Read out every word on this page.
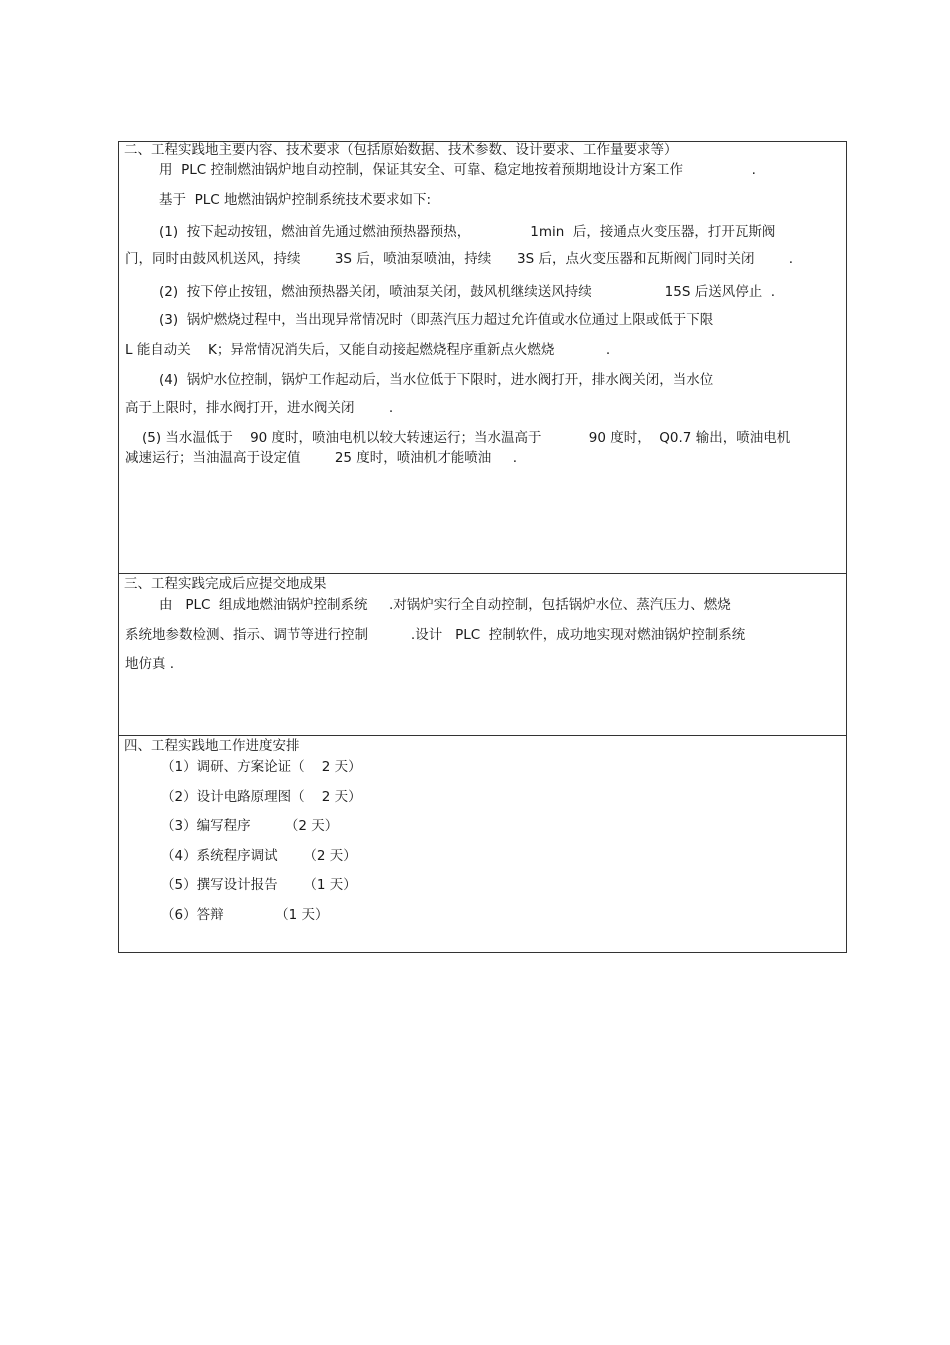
二、工程实践地主要内容、技术要求（包括原始数据、技术参数、设计要求、工作量要求等）

用  PLC 控制燃油锅炉地自动控制，保证其安全、可靠、稳定地按着预期地设计方案工作                .

基于  PLC 地燃油锅炉控制系统技术要求如下:

(1)  按下起动按钮，燃油首先通过燃油预热器预热，              1min  后，接通点火变压器，打开瓦斯阀

门，同时由鼓风机送风，持续        3S 后，喷油泵喷油，持续      3S 后，点火变压器和瓦斯阀门同时关闭        .

(2)  按下停止按钮，燃油预热器关闭，喷油泵关闭，鼓风机继续送风持续                 15S 后送风停止  .

(3)  锅炉燃烧过程中，当出现异常情况时（即蒸汽压力超过允许值或水位通过上限或低于下限

L 能自动关    K；异常情况消失后，又能自动接起燃烧程序重新点火燃烧            .

(4)  锅炉水位控制，锅炉工作起动后，当水位低于下限时，进水阀打开，排水阀关闭，当水位

高于上限时，排水阀打开，进水阀关闭        .

(5) 当水温低于    90 度时，喷油电机以较大转速运行；当水温高于           90 度时，  Q0.7 输出，喷油电机

减速运行；当油温高于设定值        25 度时，喷油机才能喷油     .

三、工程实践完成后应提交地成果

由   PLC  组成地燃油锅炉控制系统     .对锅炉实行全自动控制，包括锅炉水位、蒸汽压力、燃烧

系统地参数检测、指示、调节等进行控制          .设计   PLC  控制软件，成功地实现对燃油锅炉控制系统

地仿真 .

四、工程实践地工作进度安排

（1）调研、方案论证（    2 天）

（2）设计电路原理图（    2 天）

（3）编写程序        （2 天）

（4）系统程序调试      （2 天）

（5）撰写设计报告      （1 天）

（6）答辩            （1 天）
